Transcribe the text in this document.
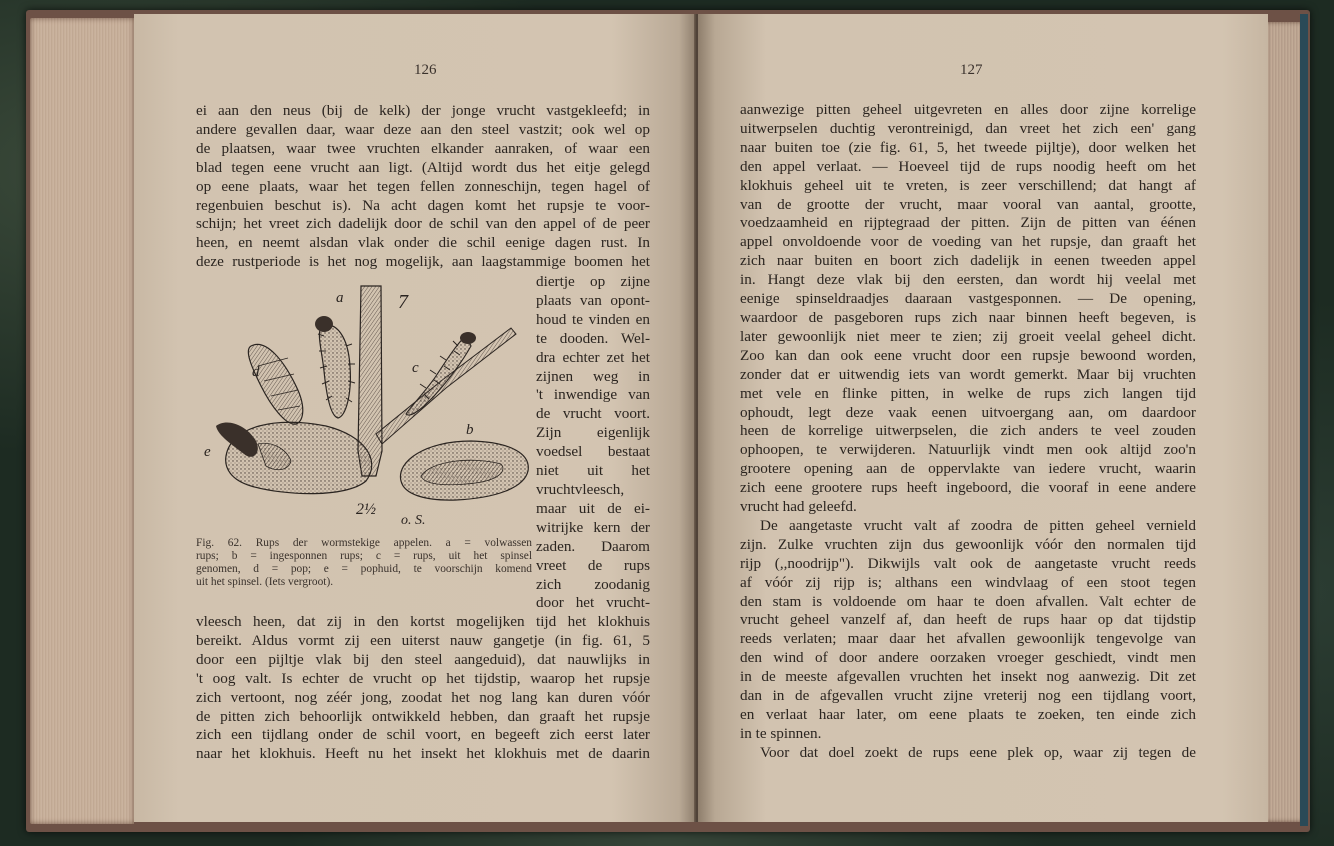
126
ei aan den neus (bij de kelk) der jonge vrucht vastgekleefd; in
andere gevallen daar, waar deze aan den steel vastzit; ook wel op
de plaatsen, waar twee vruchten elkander aanraken, of waar een
blad tegen eene vrucht aan ligt. (Altijd wordt dus het eitje gelegd
op eene plaats, waar het tegen fellen zonneschijn, tegen hagel of
regenbuien beschut is). Na acht dagen komt het rupsje te voor-
schijn; het vreet zich dadelijk door de schil van den appel of de peer
heen, en neemt alsdan vlak onder die schil eenige dagen rust. In
deze rustperiode is het nog mogelijk, aan laagstammige boomen het
diertje op zijne
plaats van opont-
houd te vinden en
te dooden. Wel-
dra echter zet het
zijnen weg in
't inwendige van
de vrucht voort.
Zijn eigenlijk
voedsel bestaat
niet uit het
vruchtvleesch,
maar uit de ei-
witrijke kern der
zaden. Daarom
vreet de rups
zich zoodanig
door het vrucht-
a	7
d	c
b
e
2½
o. S.
Fig. 62. Rups der wormstekige appelen. a = volwassen
rups; b = ingesponnen rups; c = rups, uit het spinsel
genomen, d = pop; e = pophuid, te voorschijn komend
uit het spinsel. (Iets vergroot).
vleesch heen, dat zij in den kortst mogelijken tijd het klokhuis
bereikt. Aldus vormt zij een uiterst nauw gangetje (in fig. 61, 5
door een pijltje vlak bij den steel aangeduid), dat nauwlijks in
't oog valt. Is echter de vrucht op het tijdstip, waarop het rupsje
zich vertoont, nog zéér jong, zoodat het nog lang kan duren vóór
de pitten zich behoorlijk ontwikkeld hebben, dan graaft het rupsje
zich een tijdlang onder de schil voort, en begeeft zich eerst later
naar het klokhuis. Heeft nu het insekt het klokhuis met de daarin
127
aanwezige pitten geheel uitgevreten en alles door zijne korrelige
uitwerpselen duchtig verontreinigd, dan vreet het zich een' gang
naar buiten toe (zie fig. 61, 5, het tweede pijltje), door welken het
den appel verlaat. — Hoeveel tijd de rups noodig heeft om het
klokhuis geheel uit te vreten, is zeer verschillend; dat hangt af
van de grootte der vrucht, maar vooral van aantal, grootte,
voedzaamheid en rijptegraad der pitten. Zijn de pitten van éénen
appel onvoldoende voor de voeding van het rupsje, dan graaft het
zich naar buiten en boort zich dadelijk in eenen tweeden appel
in. Hangt deze vlak bij den eersten, dan wordt hij veelal met
eenige spinseldraadjes daaraan vastgesponnen. — De opening,
waardoor de pasgeboren rups zich naar binnen heeft begeven, is
later gewoonlijk niet meer te zien; zij groeit veelal geheel dicht.
Zoo kan dan ook eene vrucht door een rupsje bewoond worden,
zonder dat er uitwendig iets van wordt gemerkt. Maar bij vruchten
met vele en flinke pitten, in welke de rups zich langen tijd
ophoudt, legt deze vaak eenen uitvoergang aan, om daardoor
heen de korrelige uitwerpselen, die zich anders te veel zouden
ophoopen, te verwijderen. Natuurlijk vindt men ook altijd zoo'n
grootere opening aan de oppervlakte van iedere vrucht, waarin
zich eene grootere rups heeft ingeboord, die vooraf in eene andere
vrucht had geleefd.
De aangetaste vrucht valt af zoodra de pitten geheel vernield
zijn. Zulke vruchten zijn dus gewoonlijk vóór den normalen tijd
rijp (,,noodrijp"). Dikwijls valt ook de aangetaste vrucht reeds
af vóór zij rijp is; althans een windvlaag of een stoot tegen
den stam is voldoende om haar te doen afvallen. Valt echter de
vrucht geheel vanzelf af, dan heeft de rups haar op dat tijdstip
reeds verlaten; maar daar het afvallen gewoonlijk tengevolge van
den wind of door andere oorzaken vroeger geschiedt, vindt men
in de meeste afgevallen vruchten het insekt nog aanwezig. Dit zet
dan in de afgevallen vrucht zijne vreterij nog een tijdlang voort,
en verlaat haar later, om eene plaats te zoeken, ten einde zich
in te spinnen.
Voor dat doel zoekt de rups eene plek op, waar zij tegen de
